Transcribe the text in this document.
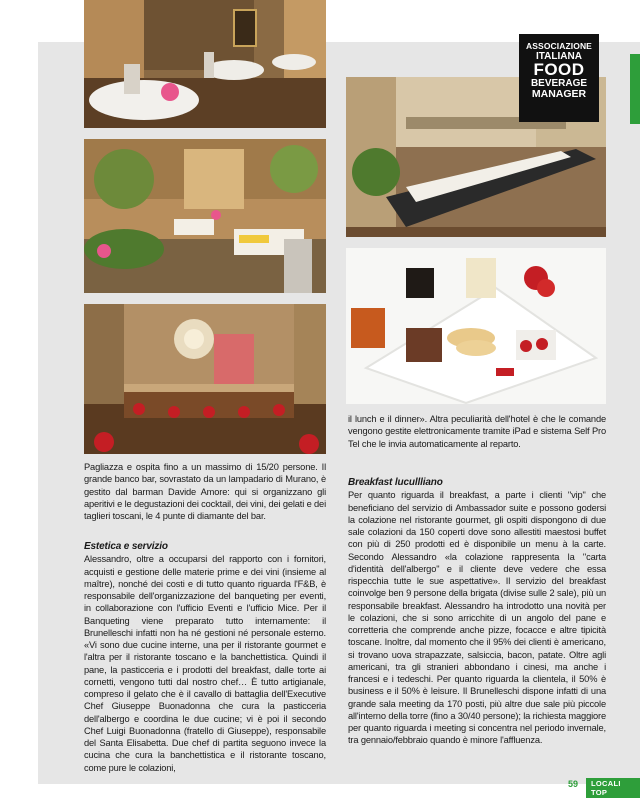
ASSOCIAZIONE
ITALIANA
FOOD
BEVERAGE
MANAGER

Pagliazza e ospita fino a un massimo di 15/20 persone. Il grande banco bar, sovrastato da un lampadario di Murano, è gestito dal barman Davide Amore: qui si organizzano gli aperitivi e le degustazioni dei cocktail, dei vini, dei gelati e dei taglieri toscani, le 4 punte di diamante del bar.

Estetica e servizio

Alessandro, oltre a occuparsi del rapporto con i fornitori, acquisti e gestione delle materie prime e dei vini (insieme al maître), nonché dei costi e di tutto quanto riguarda l'F&B, è responsabile dell'organizzazione del banqueting per eventi, in collaborazione con l'ufficio Eventi e l'ufficio Mice. Per il Banqueting viene preparato tutto internamente: il Brunelleschi infatti non ha né gestioni né personale esterno. «Vi sono due cucine interne, una per il ristorante gourmet e l'altra per il ristorante toscano e la banchettistica. Quindi il pane, la pasticceria e i prodotti del breakfast, dalle torte ai cornetti, vengono tutti dal nostro chef… È tutto artigianale, compreso il gelato che è il cavallo di battaglia dell'Executive Chef Giuseppe Buonadonna che cura la pasticceria dell'albergo e coordina le due cucine; vi è poi il secondo Chef Luigi Buonadonna (fratello di Giuseppe), responsabile del Santa Elisabetta. Due chef di partita seguono invece la cucina che cura la banchettistica e il ristorante toscano, come pure le colazioni,

il lunch e il dinner». Altra peculiarità dell'hotel è che le comande vengono gestite elettronicamente tramite iPad e sistema Self Pro Tel che le invia automaticamente al reparto.

Breakfast lucullliano

Per quanto riguarda il breakfast, a parte i clienti "vip" che beneficiano del servizio di Ambassador suite e possono godersi la colazione nel ristorante gourmet, gli ospiti dispongono di due sale colazioni da 150 coperti dove sono allestiti maestosi buffet con più di 250 prodotti ed è disponibile un menu à la carte. Secondo Alessandro «la colazione rappresenta la "carta d'identità dell'albergo" e il cliente deve vedere che essa rispecchia tutte le sue aspettative». Il servizio del breakfast coinvolge ben 9 persone della brigata (divise sulle 2 sale), più un responsabile breakfast. Alessandro ha introdotto una novità per le colazioni, che si sono arricchite di un angolo del pane e corretteria che comprende anche pizze, focacce e altre tipicità toscane. Inoltre, dal momento che il 95% dei clienti è americano, si trovano uova strapazzate, salsiccia, bacon, patate. Oltre agli americani, tra gli stranieri abbondano i cinesi, ma anche i francesi e i tedeschi. Per quanto riguarda la clientela, il 50% è business e il 50% è leisure. Il Brunelleschi dispone infatti di una grande sala meeting da 170 posti, più altre due sale più piccole all'interno della torre (fino a 30/40 persone); la richiesta maggiore per quanto riguarda i meeting si concentra nel periodo invernale, tra gennaio/febbraio quando è minore l'affluenza.

59	LOCALI TOP
